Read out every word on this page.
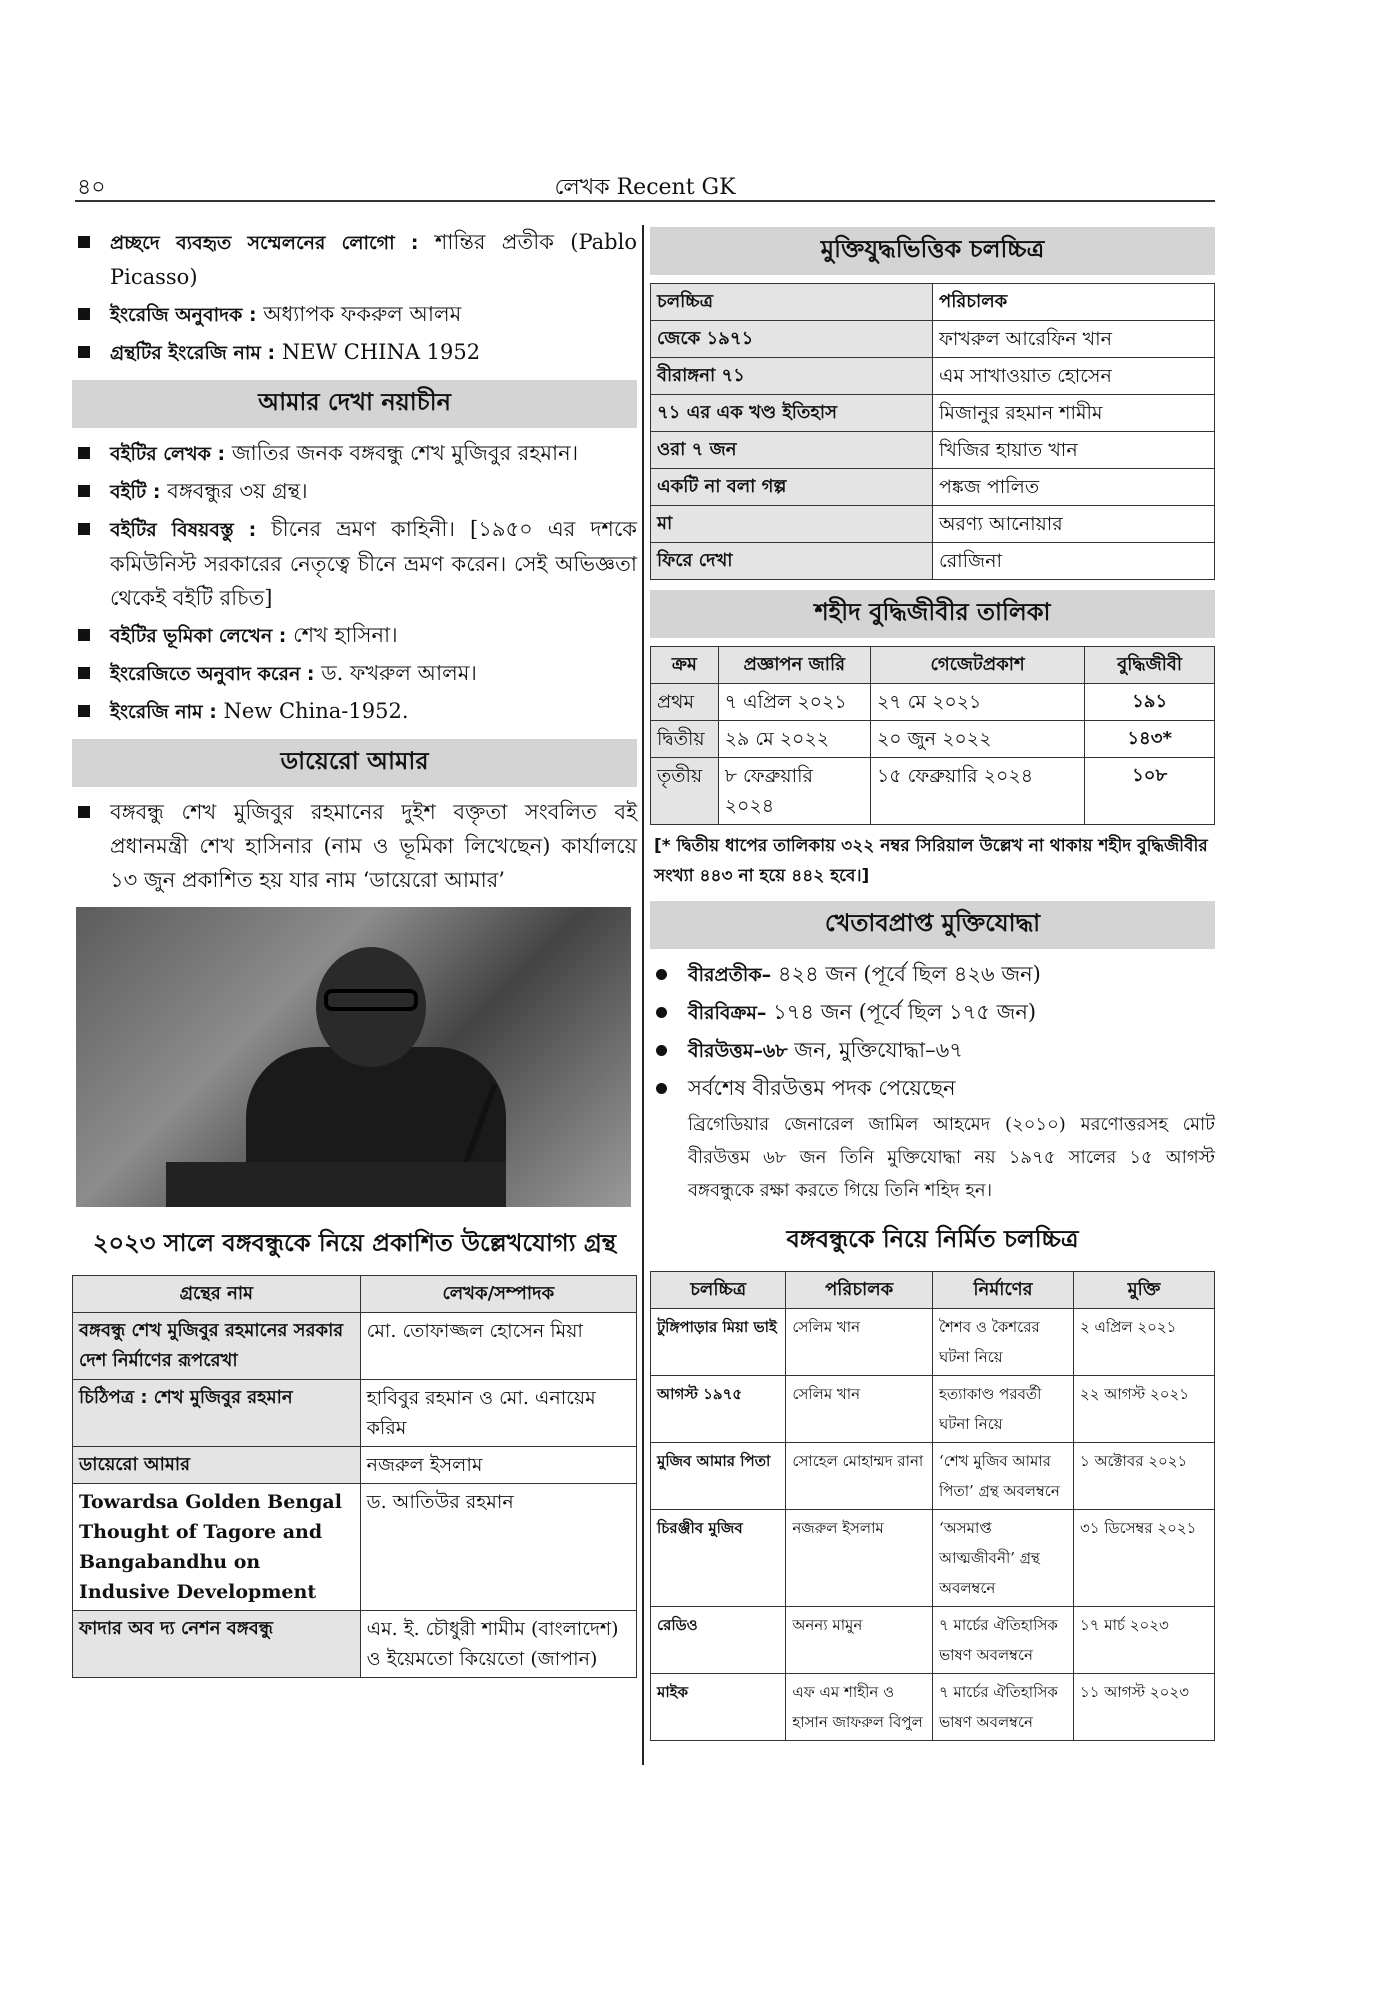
৪০	লেখক Recent GK
প্রচ্ছদে ব্যবহৃত সম্মেলনের লোগো : শান্তির প্রতীক (Pablo Picasso)
ইংরেজি অনুবাদক : অধ্যাপক ফকরুল আলম
গ্রন্থটির ইংরেজি নাম : NEW CHINA 1952
আমার দেখা নয়াচীন
বইটির লেখক : জাতির জনক বঙ্গবন্ধু শেখ মুজিবুর রহমান।
বইটি : বঙ্গবন্ধুর ৩য় গ্রন্থ।
বইটির বিষয়বস্তু : চীনের ভ্রমণ কাহিনী। [১৯৫০ এর দশকে কমিউনিস্ট সরকারের নেতৃত্বে চীনে ভ্রমণ করেন। সেই অভিজ্ঞতা থেকেই বইটি রচিত]
বইটির ভূমিকা লেখেন : শেখ হাসিনা।
ইংরেজিতে অনুবাদ করেন : ড. ফখরুল আলম।
ইংরেজি নাম : New China-1952.
ডায়েরো আমার
বঙ্গবন্ধু শেখ মুজিবুর রহমানের দুইশ বক্তৃতা সংবলিত বই প্রধানমন্ত্রী শেখ হাসিনার (নাম ও ভূমিকা লিখেছেন) কার্যালয়ে ১৩ জুন প্রকাশিত হয় যার নাম ‘ডায়েরো আমার’
২০২৩ সালে বঙ্গবন্ধুকে নিয়ে প্রকাশিত উল্লেখযোগ্য গ্রন্থ
গ্রন্থের নাম	লেখক/সম্পাদক
বঙ্গবন্ধু শেখ মুজিবুর রহমানের সরকার দেশ নির্মাণের রূপরেখা	মো. তোফাজ্জল হোসেন মিয়া
চিঠিপত্র : শেখ মুজিবুর রহমান	হাবিবুর রহমান ও মো. এনায়েম করিম
ডায়েরো আমার	নজরুল ইসলাম
Towardsa Golden Bengal Thought of Tagore and Bangabandhu on Indusive Development	ড. আতিউর রহমান
ফাদার অব দ্য নেশন বঙ্গবন্ধু	এম. ই. চৌধুরী শামীম (বাংলাদেশ) ও ইয়েমতো কিয়েতো (জাপান)
মুক্তিযুদ্ধভিত্তিক চলচ্চিত্র
চলচ্চিত্র	পরিচালক
জেকে ১৯৭১	ফাখরুল আরেফিন খান
বীরাঙ্গনা ৭১	এম সাখাওয়াত হোসেন
৭১ এর এক খণ্ড ইতিহাস	মিজানুর রহমান শামীম
ওরা ৭ জন	খিজির হায়াত খান
একটি না বলা গল্প	পঙ্কজ পালিত
মা	অরণ্য আনোয়ার
ফিরে দেখা	রোজিনা
শহীদ বুদ্ধিজীবীর তালিকা
ক্রম	প্রজ্ঞাপন জারি	গেজেটপ্রকাশ	বুদ্ধিজীবী
প্রথম	৭ এপ্রিল ২০২১	২৭ মে ২০২১	১৯১
দ্বিতীয়	২৯ মে ২০২২	২০ জুন ২০২২	১৪৩*
তৃতীয়	৮ ফেব্রুয়ারি ২০২৪	১৫ ফেব্রুয়ারি ২০২৪	১০৮
[* দ্বিতীয় ধাপের তালিকায় ৩২২ নম্বর সিরিয়াল উল্লেখ না থাকায় শহীদ বুদ্ধিজীবীর সংখ্যা ৪৪৩ না হয়ে ৪৪২ হবে।]
খেতাবপ্রাপ্ত মুক্তিযোদ্ধা
বীরপ্রতীক– ৪২৪ জন (পূর্বে ছিল ৪২৬ জন)
বীরবিক্রম– ১৭৪ জন (পূর্বে ছিল ১৭৫ জন)
বীরউত্তম–৬৮ জন, মুক্তিযোদ্ধা–৬৭
সর্বশেষ বীরউত্তম পদক পেয়েছেন
ব্রিগেডিয়ার জেনারেল জামিল আহমেদ (২০১০) মরণোত্তরসহ মোট বীরউত্তম ৬৮ জন তিনি মুক্তিযোদ্ধা নয় ১৯৭৫ সালের ১৫ আগস্ট বঙ্গবন্ধুকে রক্ষা করতে গিয়ে তিনি শহিদ হন।
বঙ্গবন্ধুকে নিয়ে নির্মিত চলচ্চিত্র
চলচ্চিত্র	পরিচালক	নির্মাণের	মুক্তি
টুঙ্গিপাড়ার মিয়া ভাই	সেলিম খান	শৈশব ও কৈশরের ঘটনা নিয়ে	২ এপ্রিল ২০২১
আগস্ট ১৯৭৫	সেলিম খান	হত্যাকাণ্ড পরবর্তী ঘটনা নিয়ে	২২ আগস্ট ২০২১
মুজিব আমার পিতা	সোহেল মোহাম্মদ রানা	‘শেখ মুজিব আমার পিতা’ গ্রন্থ অবলম্বনে	১ অক্টোবর ২০২১
চিরঞ্জীব মুজিব	নজরুল ইসলাম	‘অসমাপ্ত আত্মজীবনী’ গ্রন্থ অবলম্বনে	৩১ ডিসেম্বর ২০২১
রেডিও	অনন্য মামুন	৭ মার্চের ঐতিহাসিক ভাষণ অবলম্বনে	১৭ মার্চ ২০২৩
মাইক	এফ এম শাহীন ও হাসান জাফরুল বিপুল	৭ মার্চের ঐতিহাসিক ভাষণ অবলম্বনে	১১ আগস্ট ২০২৩
